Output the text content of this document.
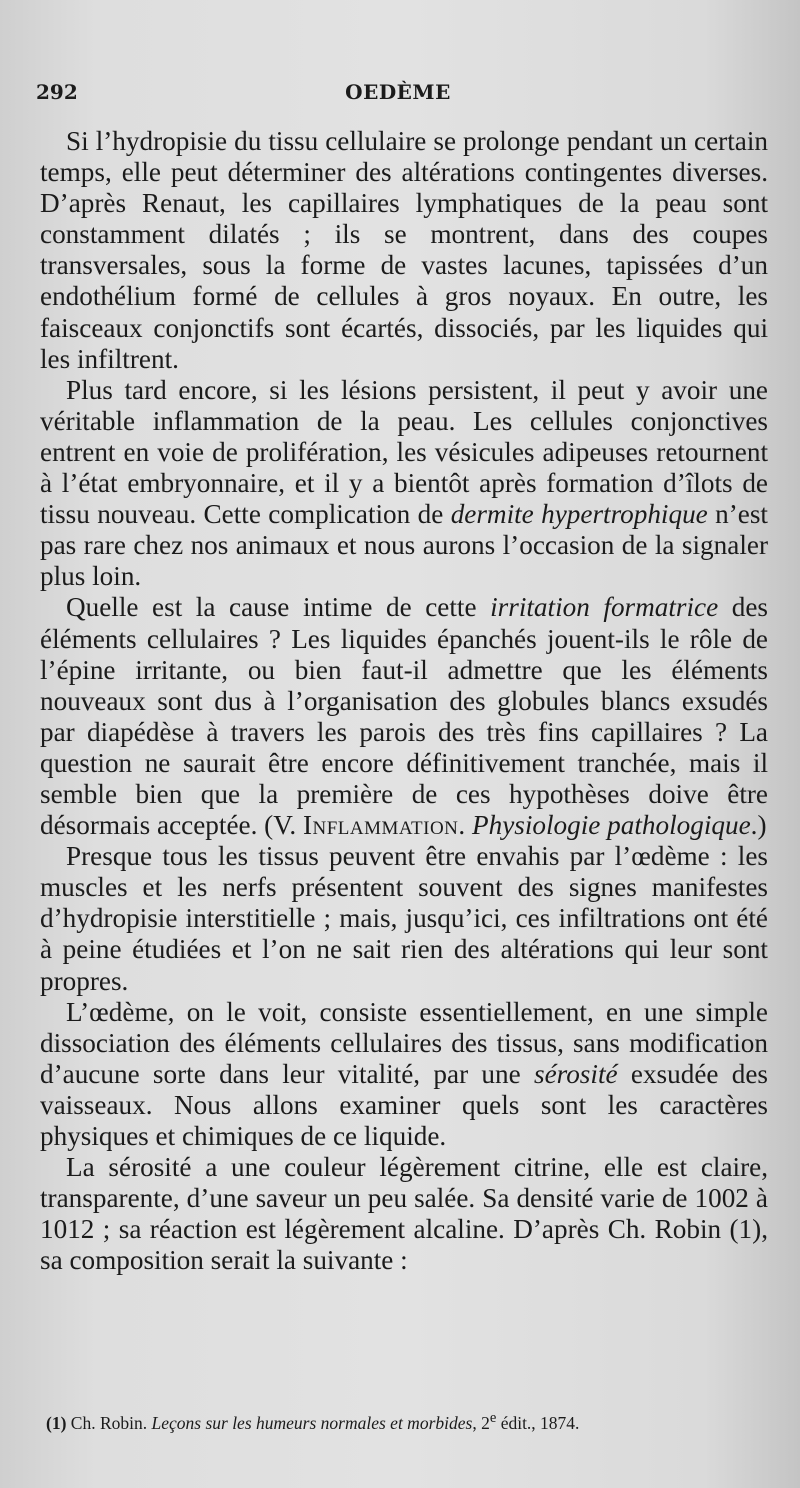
292	OEDÈME

Si l’hydropisie du tissu cellulaire se prolonge pendant un certain temps, elle peut déterminer des altérations contingentes diverses. D’après Renaut, les capillaires lymphatiques de la peau sont constamment dilatés ; ils se montrent, dans des coupes transversales, sous la forme de vastes lacunes, tapissées d’un endothélium formé de cellules à gros noyaux. En outre, les faisceaux conjonctifs sont écartés, dissociés, par les liquides qui les infiltrent.

Plus tard encore, si les lésions persistent, il peut y avoir une véritable inflammation de la peau. Les cellules conjonctives entrent en voie de prolifération, les vésicules adipeuses retournent à l’état embryonnaire, et il y a bientôt après formation d’îlots de tissu nouveau. Cette complication de dermite hypertrophique n’est pas rare chez nos animaux et nous aurons l’occasion de la signaler plus loin.

Quelle est la cause intime de cette irritation formatrice des éléments cellulaires ? Les liquides épanchés jouent-ils le rôle de l’épine irritante, ou bien faut-il admettre que les éléments nouveaux sont dus à l’organisation des globules blancs exsudés par diapédèse à travers les parois des très fins capillaires ? La question ne saurait être encore définitivement tranchée, mais il semble bien que la première de ces hypothèses doive être désormais acceptée. (V. Inflammation. Physiologie pathologique.)

Presque tous les tissus peuvent être envahis par l’œdème : les muscles et les nerfs présentent souvent des signes manifestes d’hydropisie interstitielle ; mais, jusqu’ici, ces infiltrations ont été à peine étudiées et l’on ne sait rien des altérations qui leur sont propres.

L’œdème, on le voit, consiste essentiellement, en une simple dissociation des éléments cellulaires des tissus, sans modification d’aucune sorte dans leur vitalité, par une sérosité exsudée des vaisseaux. Nous allons examiner quels sont les caractères physiques et chimiques de ce liquide.

La sérosité a une couleur légèrement citrine, elle est claire, transparente, d’une saveur un peu salée. Sa densité varie de 1002 à 1012 ; sa réaction est légèrement alcaline. D’après Ch. Robin (1), sa composition serait la suivante :

(1) Ch. Robin. Leçons sur les humeurs normales et morbides, 2e édit., 1874.
